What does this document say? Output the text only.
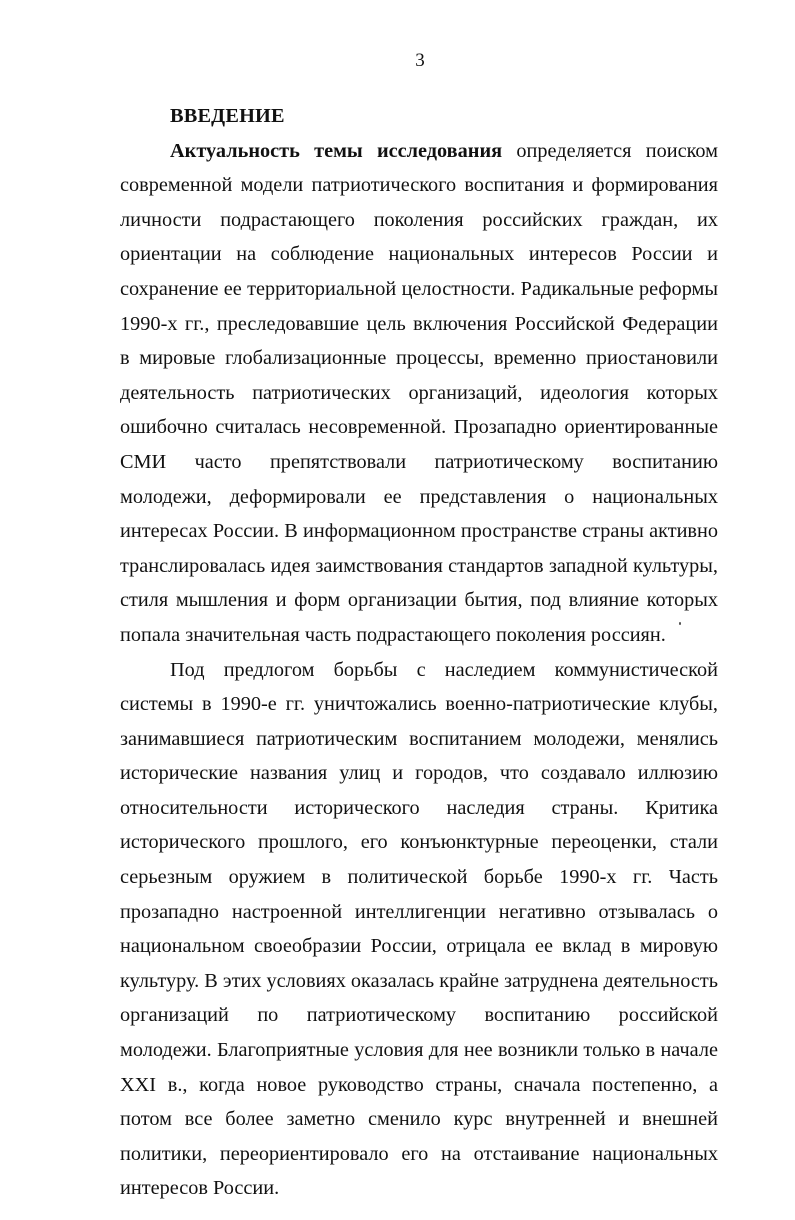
3
ВВЕДЕНИЕ

Актуальность темы исследования определяется поиском современной модели патриотического воспитания и формирования личности подрастающего поколения российских граждан, их ориентации на соблюдение национальных интересов России и сохранение ее территориальной целостности. Радикальные реформы 1990-х гг., преследовавшие цель включения Российской Федерации в мировые глобализационные процессы, временно приостановили деятельность патриотических организаций, идеология которых ошибочно считалась несовременной. Прозападно ориентированные СМИ часто препятствовали патриотическому воспитанию молодежи, деформировали ее представления о национальных интересах России. В информационном пространстве страны активно транслировалась идея заимствования стандартов западной культуры, стиля мышления и форм организации бытия, под влияние которых попала значительная часть подрастающего поколения россиян.

Под предлогом борьбы с наследием коммунистической системы в 1990-е гг. уничтожались военно-патриотические клубы, занимавшиеся патриотическим воспитанием молодежи, менялись исторические названия улиц и городов, что создавало иллюзию относительности исторического наследия страны. Критика исторического прошлого, его конъюнктурные переоценки, стали серьезным оружием в политической борьбе 1990-х гг. Часть прозападно настроенной интеллигенции негативно отзывалась о национальном своеобразии России, отрицала ее вклад в мировую культуру. В этих условиях оказалась крайне затруднена деятельность организаций по патриотическому воспитанию российской молодежи. Благоприятные условия для нее возникли только в начале XXI в., когда новое руководство страны, сначала постепенно, а потом все более заметно сменило курс внутренней и внешней политики, переориентировало его на отстаивание национальных интересов России.
